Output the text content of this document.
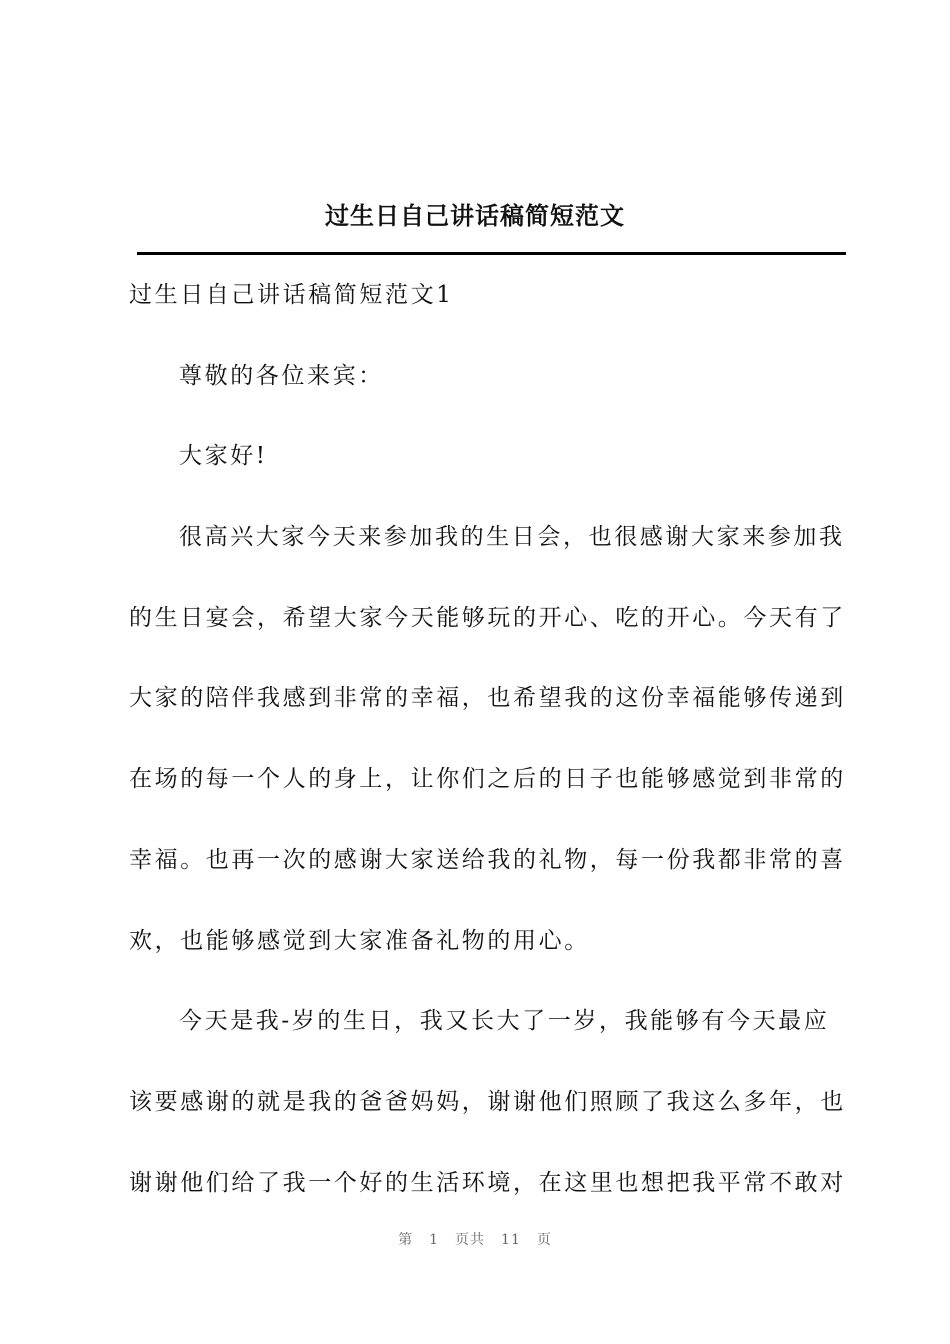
过生日自己讲话稿简短范文
过生日自己讲话稿简短范文1
尊敬的各位来宾：
大家好!
很高兴大家今天来参加我的生日会，也很感谢大家来参加我
的生日宴会，希望大家今天能够玩的开心、吃的开心。今天有了
大家的陪伴我感到非常的幸福，也希望我的这份幸福能够传递到
在场的每一个人的身上，让你们之后的日子也能够感觉到非常的
幸福。也再一次的感谢大家送给我的礼物，每一份我都非常的喜
欢，也能够感觉到大家准备礼物的用心。
今天是我-岁的生日，我又长大了一岁，我能够有今天最应
该要感谢的就是我的爸爸妈妈，谢谢他们照顾了我这么多年，也
谢谢他们给了我一个好的生活环境，在这里也想把我平常不敢对
第 1 页共 11 页
